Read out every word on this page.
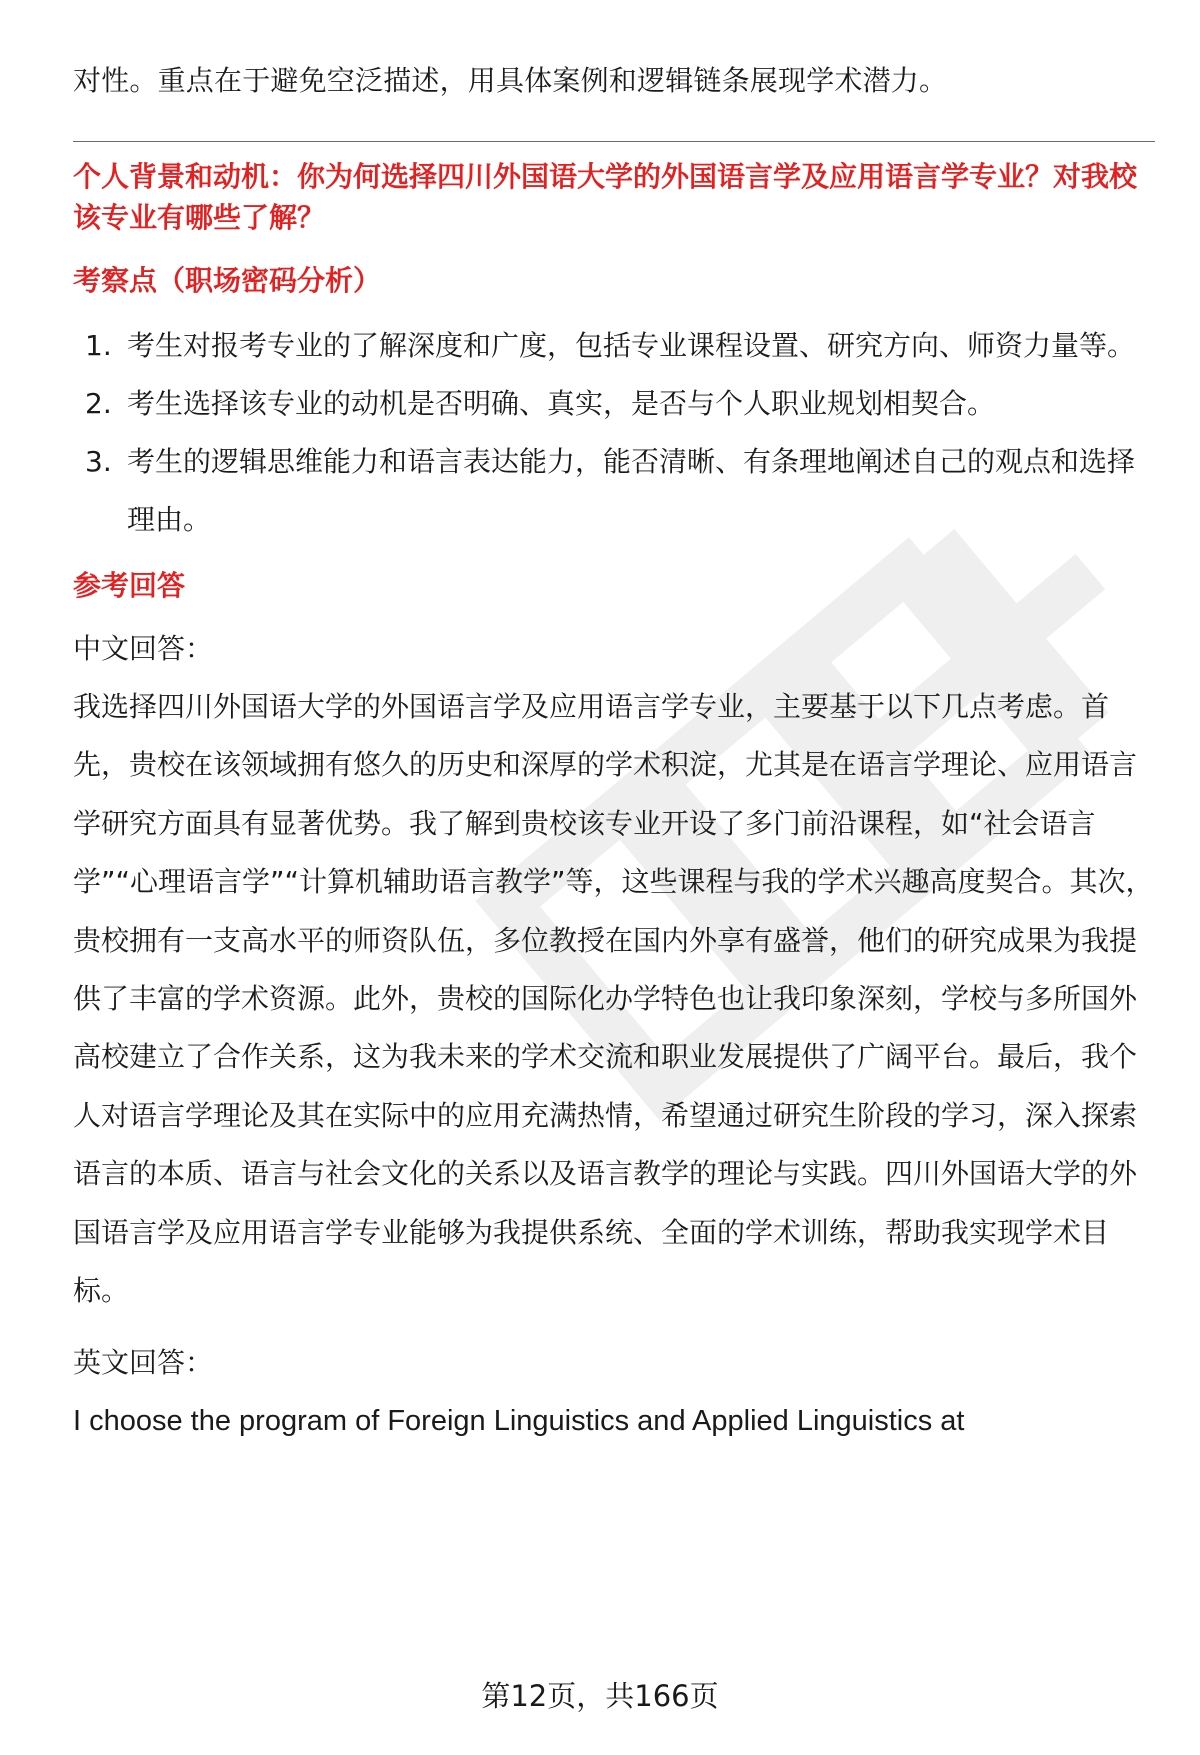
对性。重点在于避免空泛描述，用具体案例和逻辑链条展现学术潜力。

个人背景和动机：你为何选择四川外国语大学的外国语言学及应用语言学专业？对我校该专业有哪些了解？

考察点（职场密码分析）

1. 考生对报考专业的了解深度和广度，包括专业课程设置、研究方向、师资力量等。
2. 考生选择该专业的动机是否明确、真实，是否与个人职业规划相契合。
3. 考生的逻辑思维能力和语言表达能力，能否清晰、有条理地阐述自己的观点和选择理由。

参考回答

中文回答：

我选择四川外国语大学的外国语言学及应用语言学专业，主要基于以下几点考虑。首先，贵校在该领域拥有悠久的历史和深厚的学术积淀，尤其是在语言学理论、应用语言学研究方面具有显著优势。我了解到贵校该专业开设了多门前沿课程，如“社会语言学”“心理语言学”“计算机辅助语言教学”等，这些课程与我的学术兴趣高度契合。其次，贵校拥有一支高水平的师资队伍，多位教授在国内外享有盛誉，他们的研究成果为我提供了丰富的学术资源。此外，贵校的国际化办学特色也让我印象深刻，学校与多所国外高校建立了合作关系，这为我未来的学术交流和职业发展提供了广阔平台。最后，我个人对语言学理论及其在实际中的应用充满热情，希望通过研究生阶段的学习，深入探索语言的本质、语言与社会文化的关系以及语言教学的理论与实践。四川外国语大学的外国语言学及应用语言学专业能够为我提供系统、全面的学术训练，帮助我实现学术目标。

英文回答：

I choose the program of Foreign Linguistics and Applied Linguistics at

第12页，共166页
